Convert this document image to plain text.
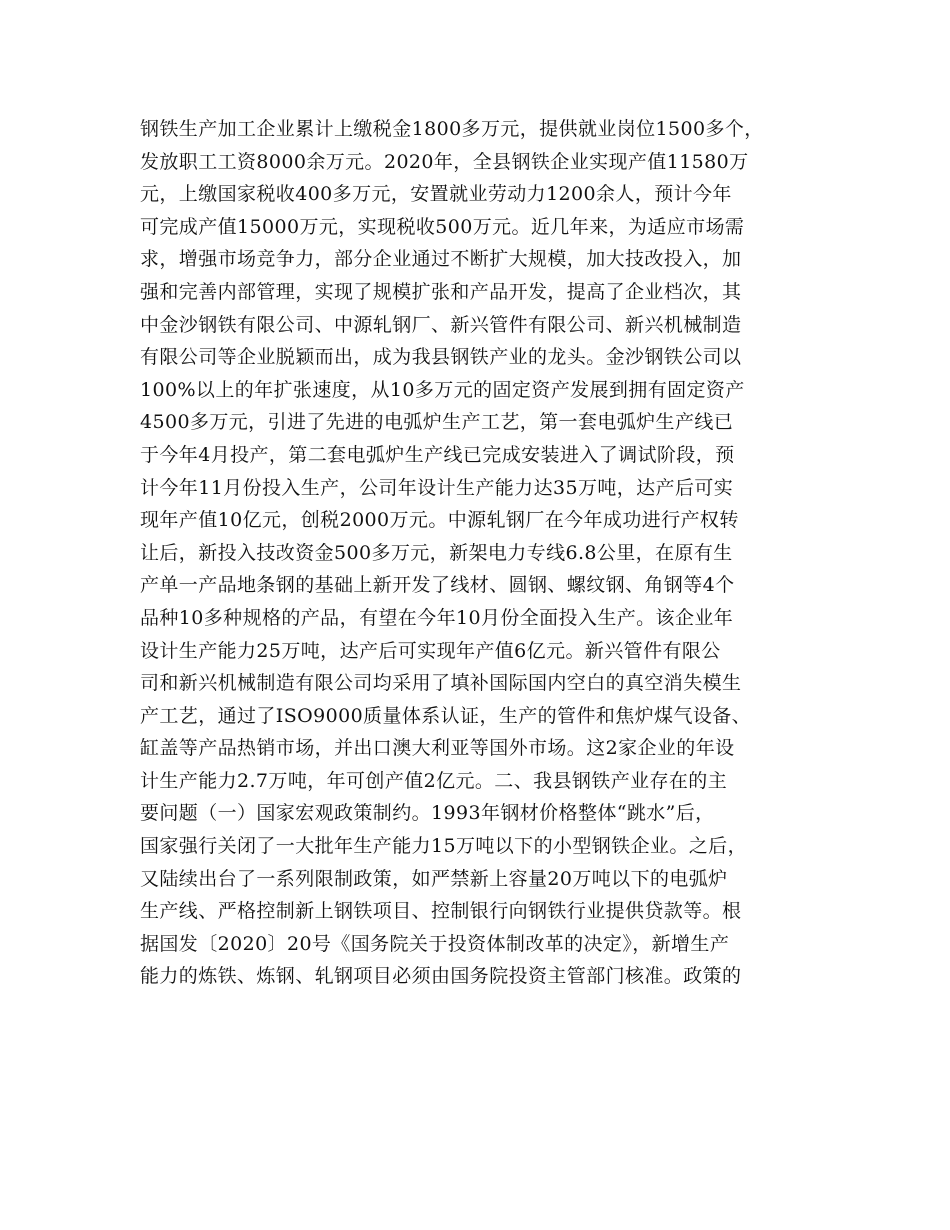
钢铁生产加工企业累计上缴税金1800多万元，提供就业岗位1500多个，
发放职工工资8000余万元。2020年，全县钢铁企业实现产值11580万
元，上缴国家税收400多万元，安置就业劳动力1200余人，预计今年
可完成产值15000万元，实现税收500万元。近几年来，为适应市场需
求，增强市场竞争力，部分企业通过不断扩大规模，加大技改投入，加
强和完善内部管理，实现了规模扩张和产品开发，提高了企业档次，其
中金沙钢铁有限公司、中源轧钢厂、新兴管件有限公司、新兴机械制造
有限公司等企业脱颖而出，成为我县钢铁产业的龙头。金沙钢铁公司以
100%以上的年扩张速度，从10多万元的固定资产发展到拥有固定资产
4500多万元，引进了先进的电弧炉生产工艺，第一套电弧炉生产线已
于今年4月投产，第二套电弧炉生产线已完成安装进入了调试阶段，预
计今年11月份投入生产，公司年设计生产能力达35万吨，达产后可实
现年产值10亿元，创税2000万元。中源轧钢厂在今年成功进行产权转
让后，新投入技改资金500多万元，新架电力专线6.8公里，在原有生
产单一产品地条钢的基础上新开发了线材、圆钢、螺纹钢、角钢等4个
品种10多种规格的产品，有望在今年10月份全面投入生产。该企业年
设计生产能力25万吨，达产后可实现年产值6亿元。新兴管件有限公
司和新兴机械制造有限公司均采用了填补国际国内空白的真空消失模生
产工艺，通过了ISO9000质量体系认证，生产的管件和焦炉煤气设备、
缸盖等产品热销市场，并出口澳大利亚等国外市场。这2家企业的年设
计生产能力2.7万吨，年可创产值2亿元。二、我县钢铁产业存在的主
要问题（一）国家宏观政策制约。1993年钢材价格整体“跳水”后，
国家强行关闭了一大批年生产能力15万吨以下的小型钢铁企业。之后，
又陆续出台了一系列限制政策，如严禁新上容量20万吨以下的电弧炉
生产线、严格控制新上钢铁项目、控制银行向钢铁行业提供贷款等。根
据国发〔2020〕20号《国务院关于投资体制改革的决定》，新增生产
能力的炼铁、炼钢、轧钢项目必须由国务院投资主管部门核准。政策的
